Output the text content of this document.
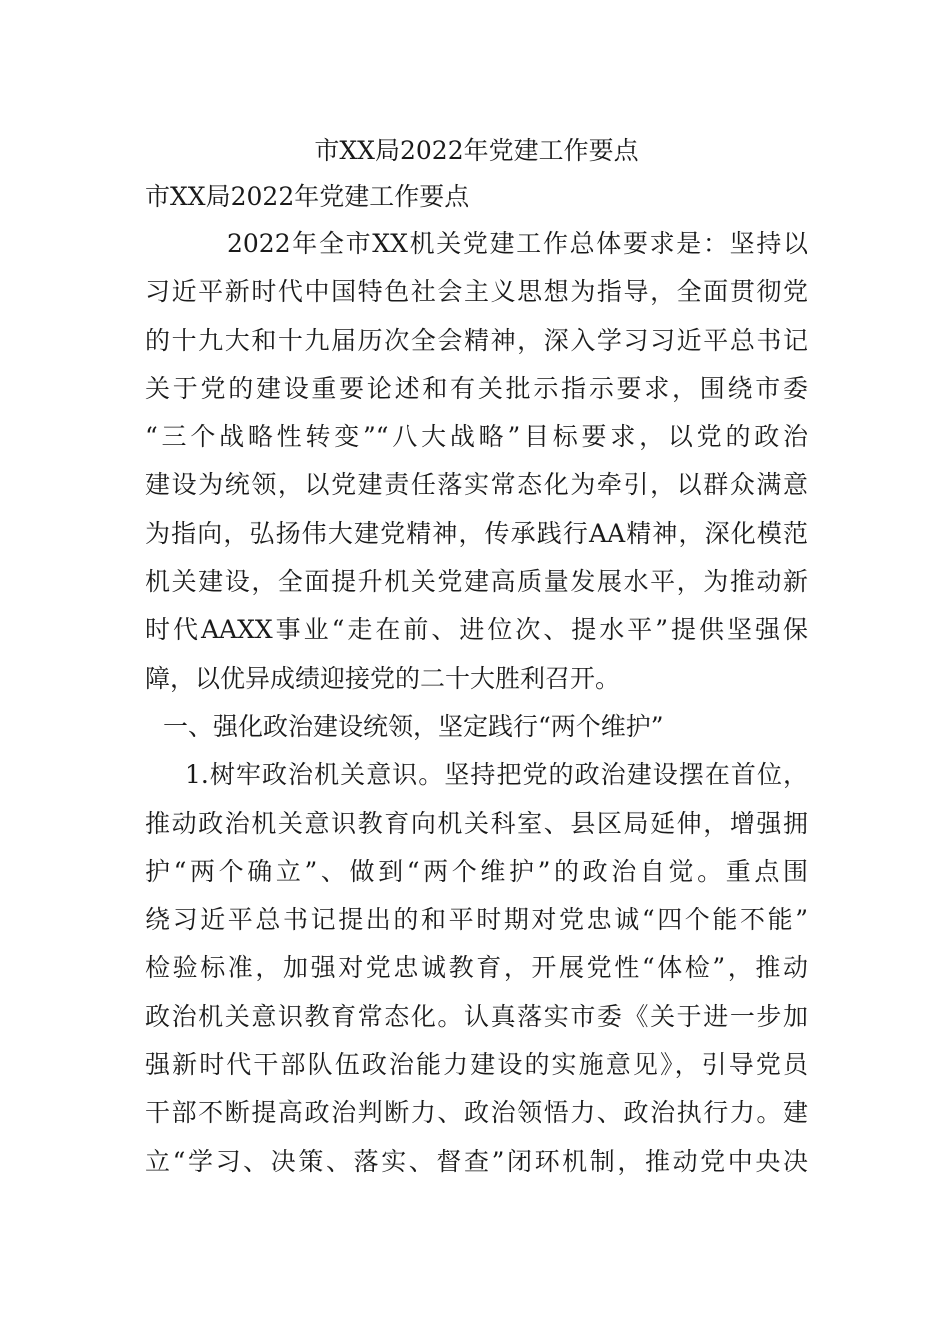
市XX局2022年党建工作要点

市XX局2022年党建工作要点

2022年全市XX机关党建工作总体要求是：坚持以

习近平新时代中国特色社会主义思想为指导，全面贯彻党

的十九大和十九届历次全会精神，深入学习习近平总书记

关于党的建设重要论述和有关批示指示要求，围绕市委

“三个战略性转变”“八大战略”目标要求，以党的政治

建设为统领，以党建责任落实常态化为牵引，以群众满意

为指向，弘扬伟大建党精神，传承践行AA精神，深化模范

机关建设，全面提升机关党建高质量发展水平，为推动新

时代AAXX事业“走在前、进位次、提水平”提供坚强保

障，以优异成绩迎接党的二十大胜利召开。

一、强化政治建设统领，坚定践行“两个维护”

1.树牢政治机关意识。坚持把党的政治建设摆在首位，

推动政治机关意识教育向机关科室、县区局延伸，增强拥

护“两个确立”、做到“两个维护”的政治自觉。重点围

绕习近平总书记提出的和平时期对党忠诚“四个能不能”

检验标准，加强对党忠诚教育，开展党性“体检”，推动

政治机关意识教育常态化。认真落实市委《关于进一步加

强新时代干部队伍政治能力建设的实施意见》，引导党员

干部不断提高政治判断力、政治领悟力、政治执行力。建

立“学习、决策、落实、督查”闭环机制，推动党中央决
